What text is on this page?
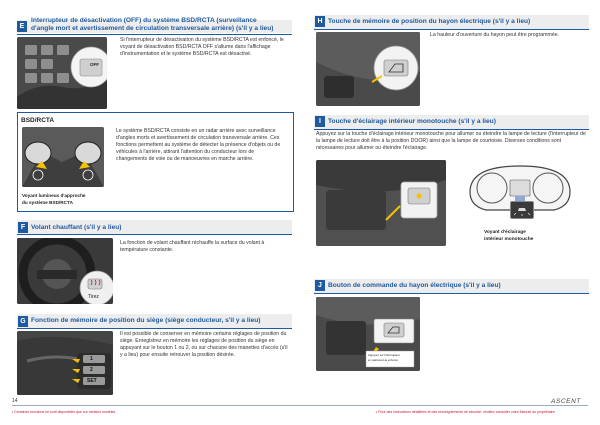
E
Interrupteur de désactivation (OFF) du système BSD/RCTA (surveillance
d'angle mort et avertissement de circulation transversale arrière) (s'il y a lieu)
OFF
Si l'interrupteur de désactivation du système BSD/RCTA est enfoncé, le voyant de désactivation BSD/RCTA OFF s'allume dans l'affichage d'instrumentation et le système BSD/RCTA est désactivé.
BSD/RCTA
Voyant lumineux d'approche
du système BSD/RCTA
Le système BSD/RCTA consiste en un radar arrière avec surveillance d'angles morts et avertissement de circulation transversale arrière. Ces fonctions permettent au système de détecter la présence d'objets ou de véhicules à l'arrière, attirant l'attention du conducteur lors de changements de voie ou de manoeuvres en marche arrière.
F Volant chauffant (s'il y a lieu)
Tirez
La fonction de volant chauffant réchauffe la surface du volant à température constante.
G Fonction de mémoire de position du siège (siège conducteur, s'il y a lieu)
1
2
SET
Il est possible de conserver en mémoire certains réglages de position du siège. Enregistrez en mémoire les réglages de position du siège en appuyant sur le bouton 1 ou 2, ou sur chacune des manettes d'accès (s'il y a lieu) pour ensuite retrouver la position désirée.
H Touche de mémoire de position du hayon électrique (s'il y a lieu)
La hauteur d'ouverture du hayon peut être programmée.
I	Touche d'éclairage intérieur monotouche (s'il y a lieu)
Appuyez sur la touche d'éclairage intérieur monotouche pour allumer ou éteindre la lampe de lecture (l'interrupteur de la lampe de lecture doit être à la position DOOR) ainsi que la lampe de courtoisie. Diverses conditions sont nécessaires pour allumer ou éteindre l'éclairage.
Voyant d'éclairage
intérieur monotouche
J Bouton de commande du hayon électrique (s'il y a lieu)
Appuyez sur l'interrupteur
et maintenez-le enfoncé.
14	ASCENT
• Certaines fonctions ne sont disponibles que sur certains modèles.	• Pour des instructions détaillées et des renseignements de sécurité, veuillez consulter votre Manuel du propriétaire.
